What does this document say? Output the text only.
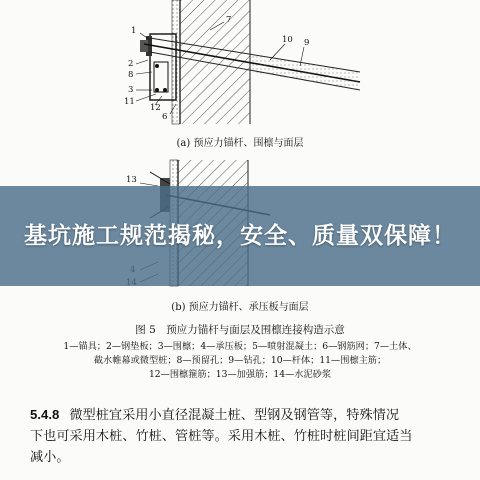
1
7
10 9
2
8
3
11
12
6
13
(a) 预应力锚杆、围檩与面层
(b) 预应力锚杆、承压板与面层
图 5　预应力锚杆与面层及围檩连接构造示意
1—锚具；2—钢垫板；3—围檩；4—承压板；5—喷射混凝土；6—钢筋网；7—土体、
截水帷幕或微型桩；8—预留孔；9—钻孔；10—杆体；11—围檩主筋；
12—围檩箍筋；13—加强筋；14—水泥砂浆
5.4.8 微型桩宜采用小直径混凝土桩、型钢及钢管等，特殊情况
下也可采用木桩、竹桩、管桩等。采用木桩、竹桩时桩间距宜适当
减小。
基坑施工规范揭秘，安全、质量双保障！
